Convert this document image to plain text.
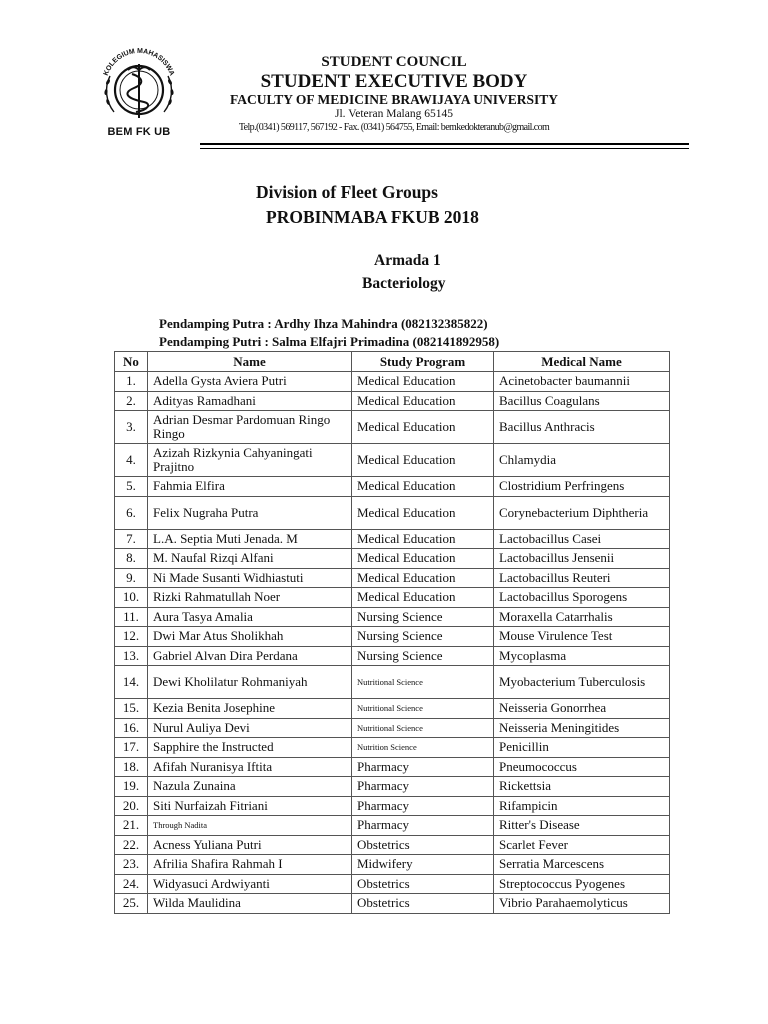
KOLEGIUM MAHASISWA
BEM FK UB
STUDENT COUNCIL
STUDENT EXECUTIVE BODY
FACULTY OF MEDICINE BRAWIJAYA UNIVERSITY
Jl. Veteran Malang 65145
Telp.(0341) 569117, 567192 - Fax. (0341) 564755, Email: bemkedokteranub@gmail.com
Division of Fleet Groups
PROBINMABA FKUB 2018
Armada 1
Bacteriology
Pendamping Putra : Ardhy Ihza Mahindra (082132385822)
Pendamping Putri : Salma Elfajri Primadina (082141892958)
No	Name	Study Program	Medical Name
1.	Adella Gysta Aviera Putri	Medical Education	Acinetobacter baumannii
2.	Adityas Ramadhani	Medical Education	Bacillus Coagulans
3.	Adrian Desmar Pardomuan Ringo Ringo	Medical Education	Bacillus Anthracis
4.	Azizah Rizkynia Cahyaningati Prajitno	Medical Education	Chlamydia
5.	Fahmia Elfira	Medical Education	Clostridium Perfringens
6.	Felix Nugraha Putra	Medical Education	Corynebacterium Diphtheria
7.	L.A. Septia Muti Jenada. M	Medical Education	Lactobacillus Casei
8.	M. Naufal Rizqi Alfani	Medical Education	Lactobacillus Jensenii
9.	Ni Made Susanti Widhiastuti	Medical Education	Lactobacillus Reuteri
10.	Rizki Rahmatullah Noer	Medical Education	Lactobacillus Sporogens
11.	Aura Tasya Amalia	Nursing Science	Moraxella Catarrhalis
12.	Dwi Mar Atus Sholikhah	Nursing Science	Mouse Virulence Test
13.	Gabriel Alvan Dira Perdana	Nursing Science	Mycoplasma
14.	Dewi Kholilatur Rohmaniyah	Nutritional Science	Myobacterium Tuberculosis
15.	Kezia Benita Josephine	Nutritional Science	Neisseria Gonorrhea
16.	Nurul Auliya Devi	Nutritional Science	Neisseria Meningitides
17.	Sapphire the Instructed	Nutrition Science	Penicillin
18.	Afifah Nuranisya Iftita	Pharmacy	Pneumococcus
19.	Nazula Zunaina	Pharmacy	Rickettsia
20.	Siti Nurfaizah Fitriani	Pharmacy	Rifampicin
21.	Through Nadita	Pharmacy	Ritter's Disease
22.	Acness Yuliana Putri	Obstetrics	Scarlet Fever
23.	Afrilia Shafira Rahmah I	Midwifery	Serratia Marcescens
24.	Widyasuci Ardwiyanti	Obstetrics	Streptococcus Pyogenes
25.	Wilda Maulidina	Obstetrics	Vibrio Parahaemolyticus
